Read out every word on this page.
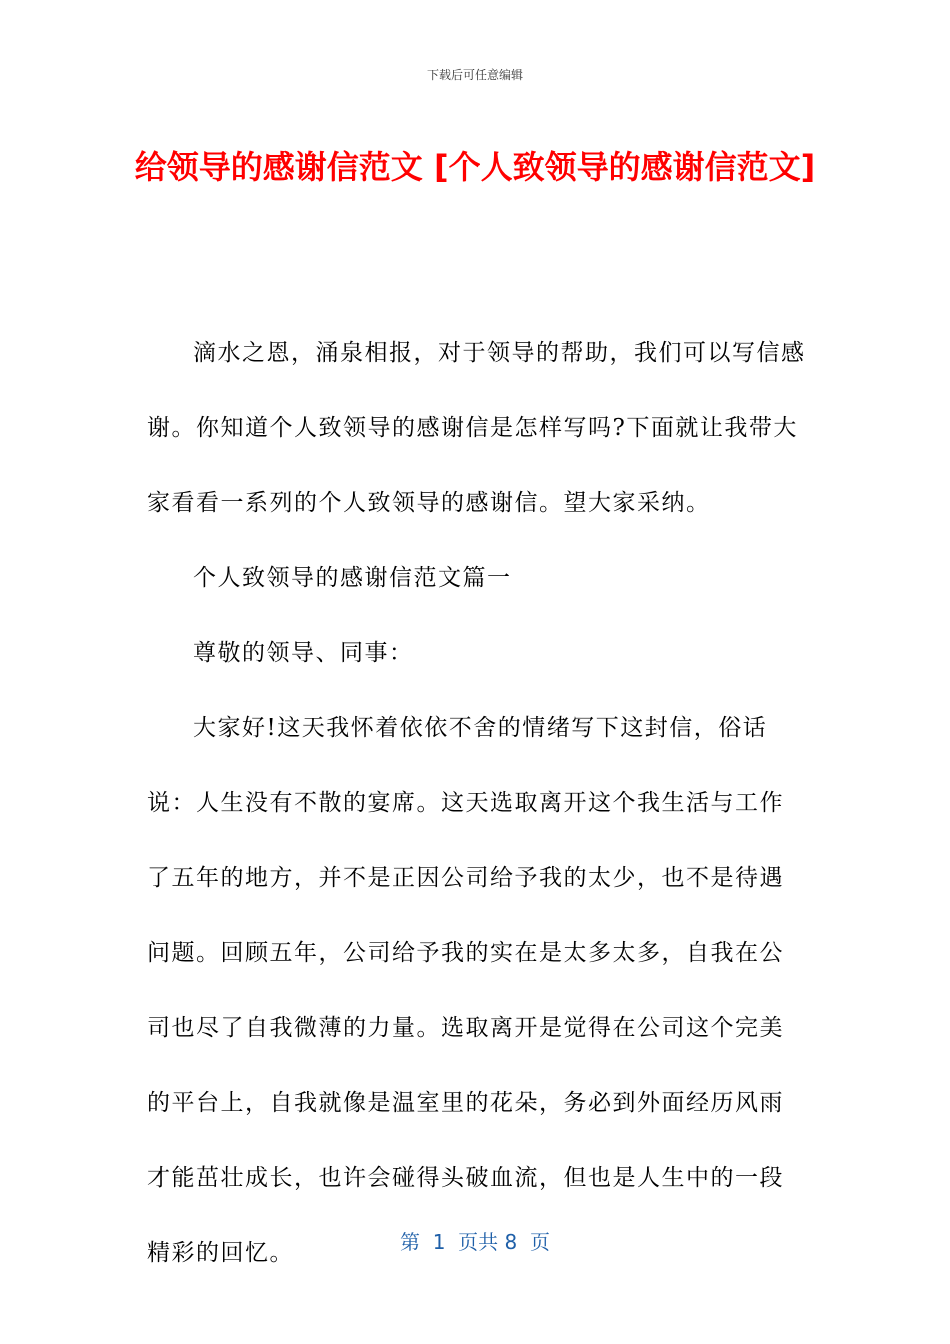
下载后可任意编辑
给领导的感谢信范文 [个人致领导的感谢信范文]

滴水之恩，涌泉相报，对于领导的帮助，我们可以写信感谢。你知道个人致领导的感谢信是怎样写吗?下面就让我带大家看看一系列的个人致领导的感谢信。望大家采纳。

个人致领导的感谢信范文篇一

尊敬的领导、同事：

大家好!这天我怀着依依不舍的情绪写下这封信，俗话说：人生没有不散的宴席。这天选取离开这个我生活与工作了五年的地方，并不是正因公司给予我的太少，也不是待遇问题。回顾五年，公司给予我的实在是太多太多，自我在公司也尽了自我微薄的力量。选取离开是觉得在公司这个完美的平台上，自我就像是温室里的花朵，务必到外面经历风雨才能茁壮成长，也许会碰得头破血流，但也是人生中的一段精彩的回忆。	第  1  页共 8  页
